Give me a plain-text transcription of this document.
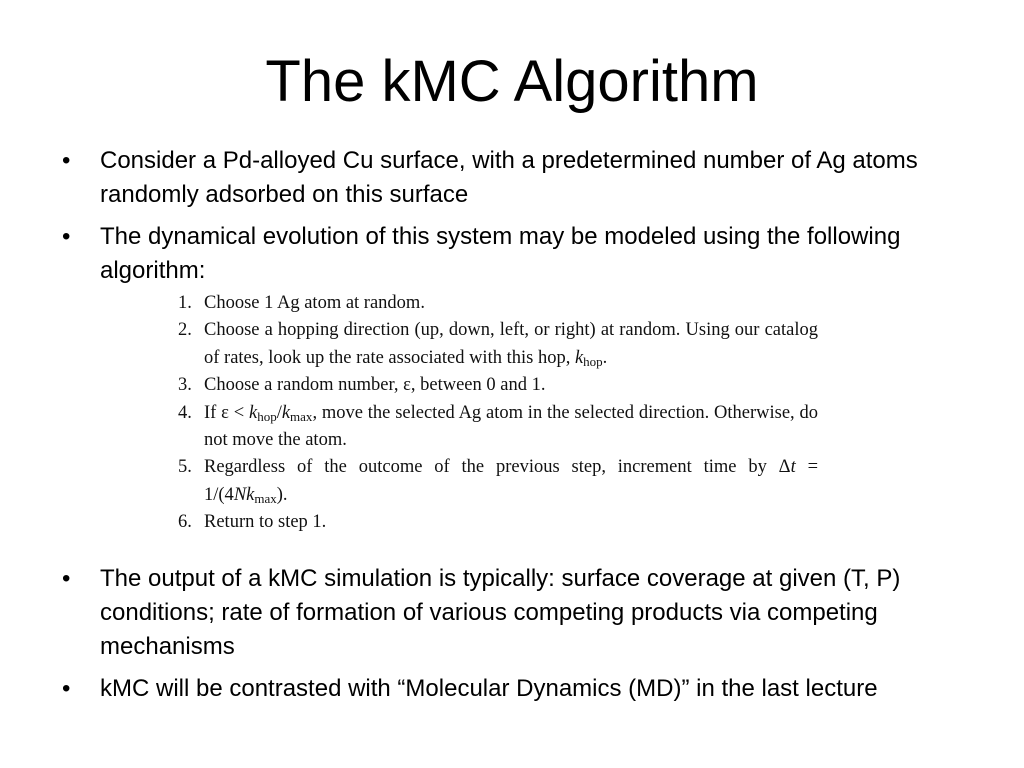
The kMC Algorithm
• Consider a Pd-alloyed Cu surface, with a predetermined number of Ag atoms randomly adsorbed on this surface
• The dynamical evolution of this system may be modeled using the following algorithm:
1. Choose 1 Ag atom at random.
2. Choose a hopping direction (up, down, left, or right) at random. Using our catalog of rates, look up the rate associated with this hop, $k_{hop}$.
3. Choose a random number, ε, between 0 and 1.
4. If $\varepsilon < k_{hop}/k_{max}$, move the selected Ag atom in the selected direction. Otherwise, do not move the atom.
5. Regardless of the outcome of the previous step, increment time by $\Delta t = 1/(4Nk_{max})$.
6. Return to step 1.
• The output of a kMC simulation is typically: surface coverage at given (T, P) conditions; rate of formation of various competing products via competing mechanisms
• kMC will be contrasted with “Molecular Dynamics (MD)” in the last lecture
